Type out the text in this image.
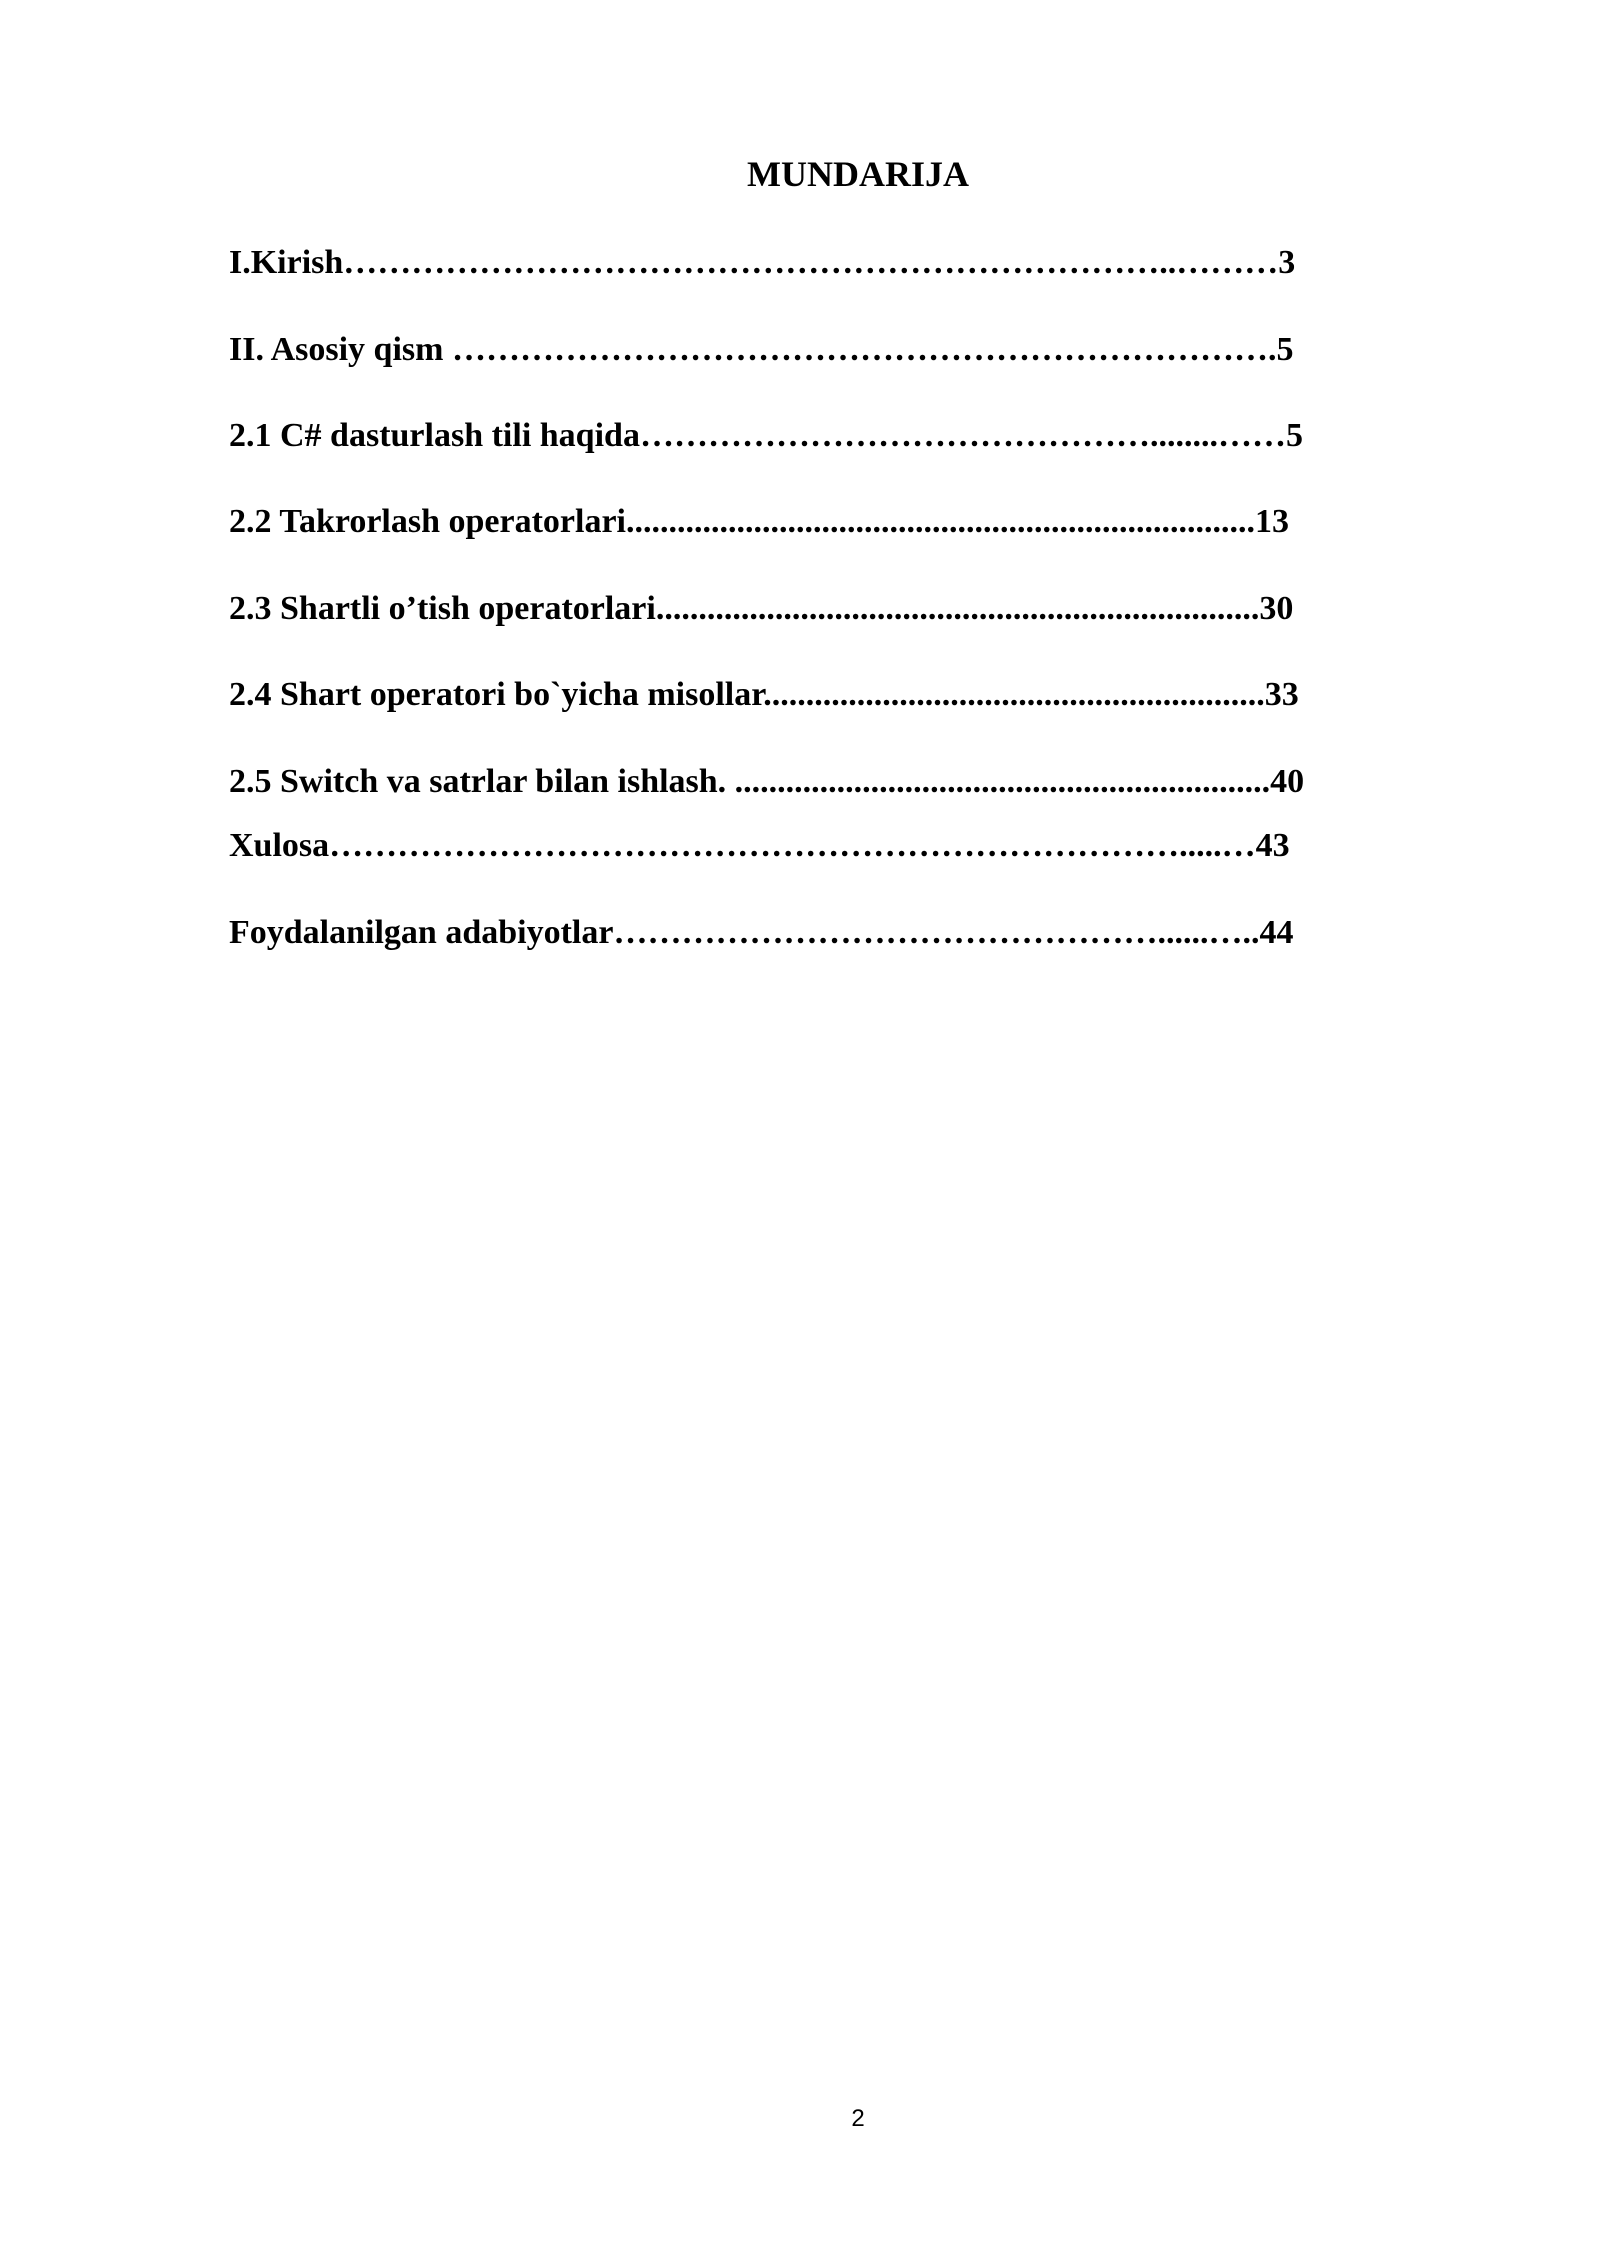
MUNDARIJA
I.Kirish………………………………………………………………..………3
II. Asosiy qism ……………………………………………………………….5
2.1 C# dasturlash tili haqida………………………………………........……5
2.2 Takrorlash operatorlari..........................................................................13
2.3 Shartli o’tish operatorlari.......................................................................30
2.4 Shart operatori bo`yicha misollar...........................................................33
2.5 Switch va satrlar bilan ishlash. ...............................................................40
Xulosa………………………………………………………………….....…43
Foydalanilgan adabiyotlar…………………………………………......…..44
2
